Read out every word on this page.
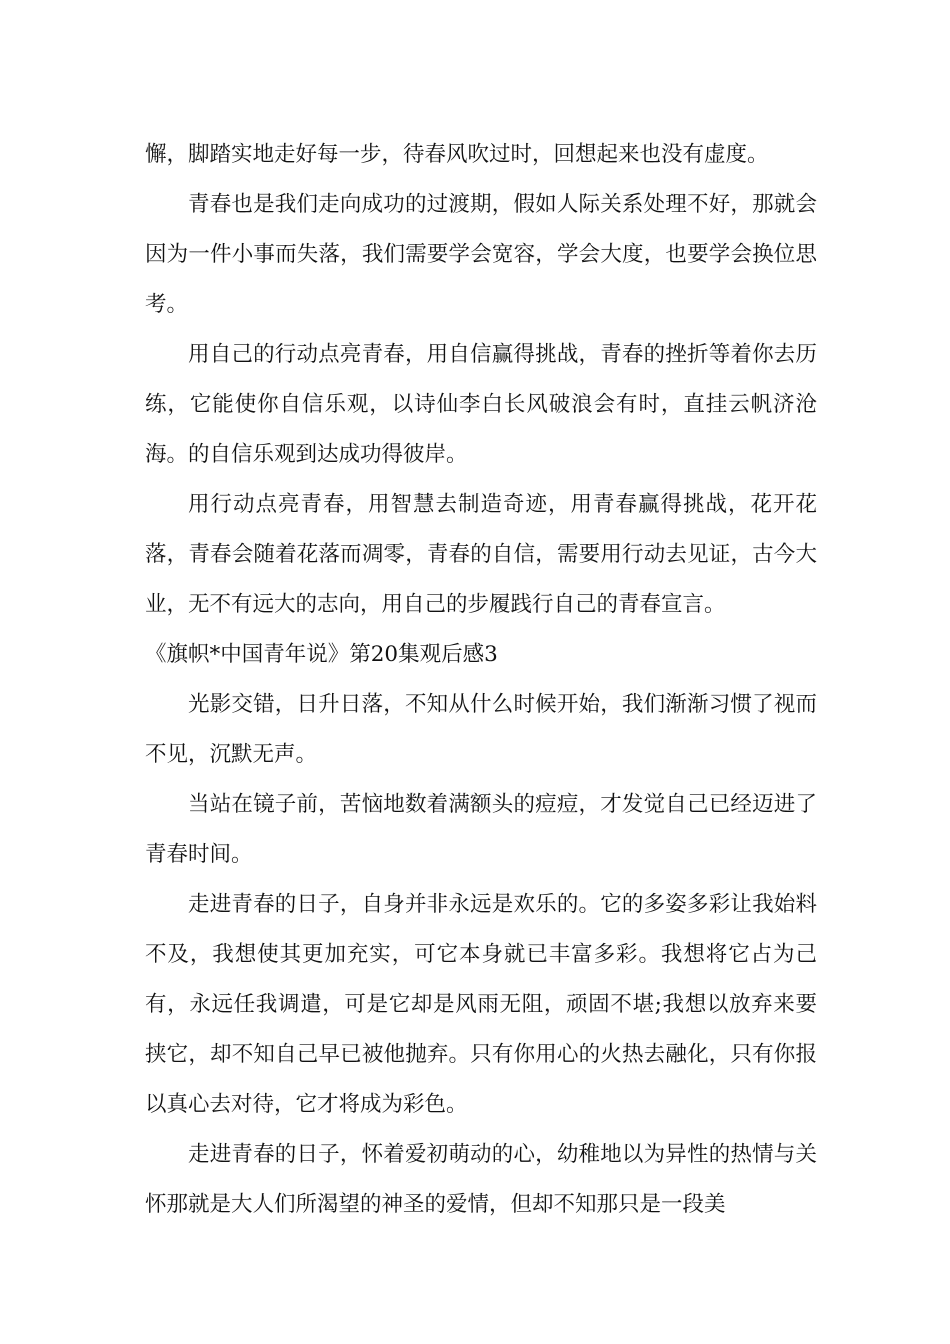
懈，脚踏实地走好每一步，待春风吹过时，回想起来也没有虚度。

青春也是我们走向成功的过渡期，假如人际关系处理不好，那就会因为一件小事而失落，我们需要学会宽容，学会大度，也要学会换位思考。

用自己的行动点亮青春，用自信赢得挑战，青春的挫折等着你去历练，它能使你自信乐观，以诗仙李白长风破浪会有时，直挂云帆济沧海。的自信乐观到达成功得彼岸。

用行动点亮青春，用智慧去制造奇迹，用青春赢得挑战，花开花落，青春会随着花落而凋零，青春的自信，需要用行动去见证，古今大业，无不有远大的志向，用自己的步履践行自己的青春宣言。

《旗帜*中国青年说》第20集观后感3

光影交错，日升日落，不知从什么时候开始，我们渐渐习惯了视而不见，沉默无声。

当站在镜子前，苦恼地数着满额头的痘痘，才发觉自己已经迈进了青春时间。

走进青春的日子，自身并非永远是欢乐的。它的多姿多彩让我始料不及，我想使其更加充实，可它本身就已丰富多彩。我想将它占为己有，永远任我调遣，可是它却是风雨无阻，顽固不堪;我想以放弃来要挟它，却不知自己早已被他抛弃。只有你用心的火热去融化，只有你报以真心去对待，它才将成为彩色。

走进青春的日子，怀着爱初萌动的心，幼稚地以为异性的热情与关怀那就是大人们所渴望的神圣的爱情，但却不知那只是一段美
